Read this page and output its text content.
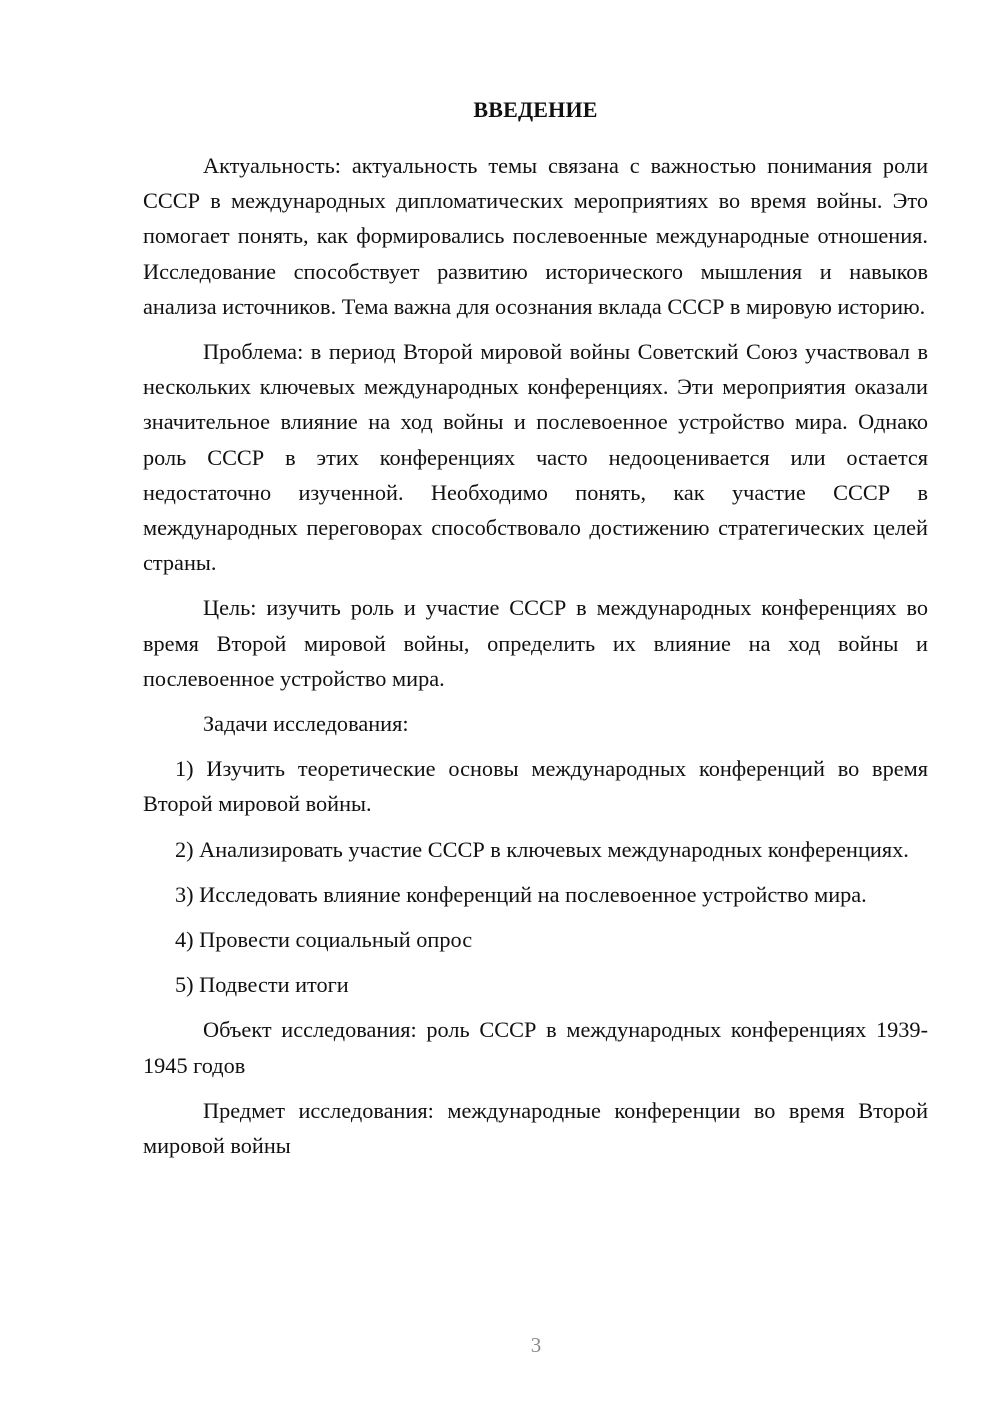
ВВЕДЕНИЕ

Актуальность: актуальность темы связана с важностью понимания роли СССР в международных дипломатических мероприятиях во время войны. Это помогает понять, как формировались послевоенные международные отношения. Исследование способствует развитию исторического мышления и навыков анализа источников. Тема важна для осознания вклада СССР в мировую историю.

Проблема: в период Второй мировой войны Советский Союз участвовал в нескольких ключевых международных конференциях. Эти мероприятия оказали значительное влияние на ход войны и послевоенное устройство мира. Однако роль СССР в этих конференциях часто недооценивается или остается недостаточно изученной. Необходимо понять, как участие СССР в международных переговорах способствовало достижению стратегических целей страны.

Цель: изучить роль и участие СССР в международных конференциях во время Второй мировой войны, определить их влияние на ход войны и послевоенное устройство мира.

Задачи исследования:

1) Изучить теоретические основы международных конференций во время Второй мировой войны.

2) Анализировать участие СССР в ключевых международных конференциях.

3) Исследовать влияние конференций на послевоенное устройство мира.

4) Провести социальный опрос

5) Подвести итоги

Объект исследования: роль СССР в международных конференциях 1939-1945 годов

Предмет исследования: международные конференции во время Второй мировой войны

3
